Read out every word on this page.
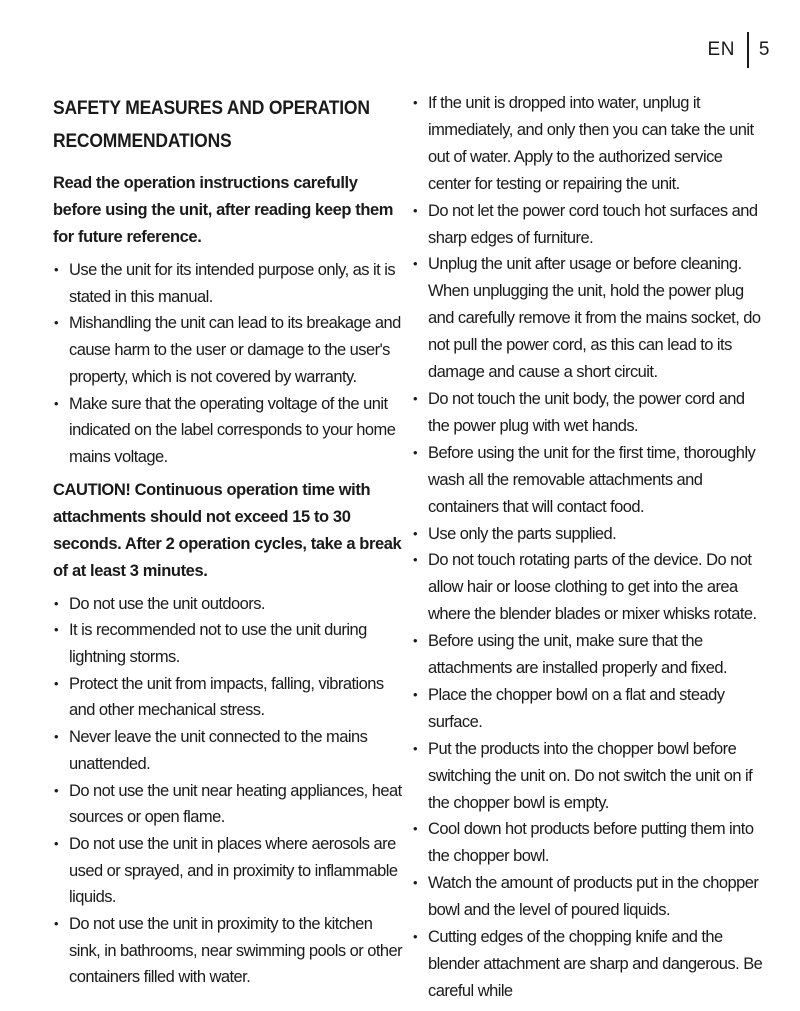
EN	5
SAFETY MEASURES AND OPERATION RECOMMENDATIONS

Read the operation instructions carefully before using the unit, after reading keep them for future reference.

• Use the unit for its intended purpose only, as it is stated in this manual.
• Mishandling the unit can lead to its breakage and cause harm to the user or damage to the user's property, which is not covered by warranty.
• Make sure that the operating voltage of the unit indicated on the label corresponds to your home mains voltage.

CAUTION! Continuous operation time with attachments should not exceed 15 to 30 seconds. After 2 operation cycles, take a break of at least 3 minutes.

• Do not use the unit outdoors.
• It is recommended not to use the unit during lightning storms.
• Protect the unit from impacts, falling, vibrations and other mechanical stress.
• Never leave the unit connected to the mains unattended.
• Do not use the unit near heating appliances, heat sources or open flame.
• Do not use the unit in places where aerosols are used or sprayed, and in proximity to inflammable liquids.
• Do not use the unit in proximity to the kitchen sink, in bathrooms, near swimming pools or other containers filled with water.
• If the unit is dropped into water, unplug it immediately, and only then you can take the unit out of water. Apply to the authorized service center for testing or repairing the unit.
• Do not let the power cord touch hot surfaces and sharp edges of furniture.
• Unplug the unit after usage or before cleaning. When unplugging the unit, hold the power plug and carefully remove it from the mains socket, do not pull the power cord, as this can lead to its damage and cause a short circuit.
• Do not touch the unit body, the power cord and the power plug with wet hands.
• Before using the unit for the first time, thoroughly wash all the removable attachments and containers that will contact food.
• Use only the parts supplied.
• Do not touch rotating parts of the device. Do not allow hair or loose clothing to get into the area where the blender blades or mixer whisks rotate.
• Before using the unit, make sure that the attachments are installed properly and fixed.
• Place the chopper bowl on a flat and steady surface.
• Put the products into the chopper bowl before switching the unit on. Do not switch the unit on if the chopper bowl is empty.
• Cool down hot products before putting them into the chopper bowl.
• Watch the amount of products put in the chopper bowl and the level of poured liquids.
• Cutting edges of the chopping knife and the blender attachment are sharp and dangerous. Be careful while
